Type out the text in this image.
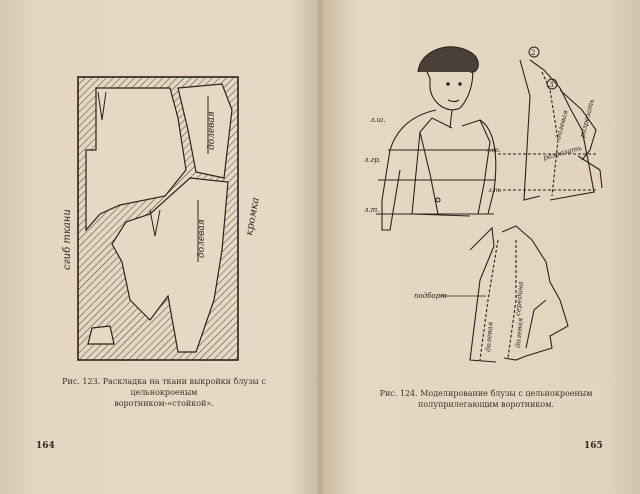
сгиб ткани
долевая
долевая
кромка
Рис. 123. Раскладка на ткани выкройки блузы с цельнокроеным
воротником-«стойкой».
164
л.ш.
л.гр.
л.т.
2
3
л.гр.
л.т.
долевая разрезать
разрезать
подборт	середина
долевая	долевая
Рис. 124. Моделирование блузы с цельнокроеным
полуприлегающим воротником.
165
